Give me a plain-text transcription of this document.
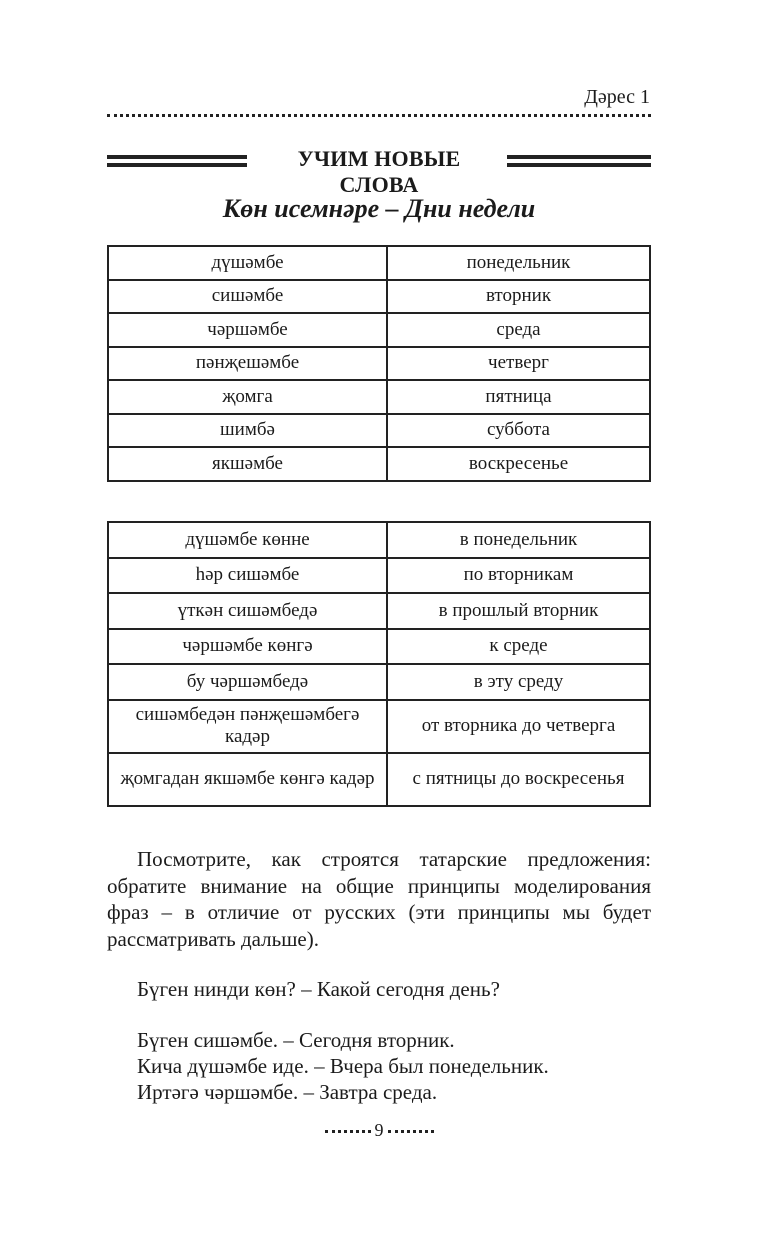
Дәрес 1
УЧИМ НОВЫЕ СЛОВА
Көн исемнәре – Дни недели
дүшәмбе	понедельник
сишәмбе	вторник
чәршәмбе	среда
пәнҗешәмбе	четверг
җомга	пятница
шимбә	суббота
якшәмбе	воскресенье
дүшәмбе көнне	в понедельник
һәр сишәмбе	по вторникам
үткән сишәмбедә	в прошлый вторник
чәршәмбе көнгә	к среде
бу чәршәмбедә	в эту среду
сишәмбедән пәнҗешәмбегә кадәр	от вторника до четверга
җомгадан якшәмбе көнгә кадәр	с пятницы до воскресенья

Посмотрите, как строятся татарские предложения: обратите внимание на общие принципы моделирования фраз – в отличие от русских (эти принципы мы будет рассматривать дальше).

Бүген нинди көн? – Какой сегодня день?
Бүген сишәмбе. – Сегодня вторник.
Кича дүшәмбе иде. – Вчера был понедельник.
Иртәгә чәршәмбе. – Завтра среда.
9
